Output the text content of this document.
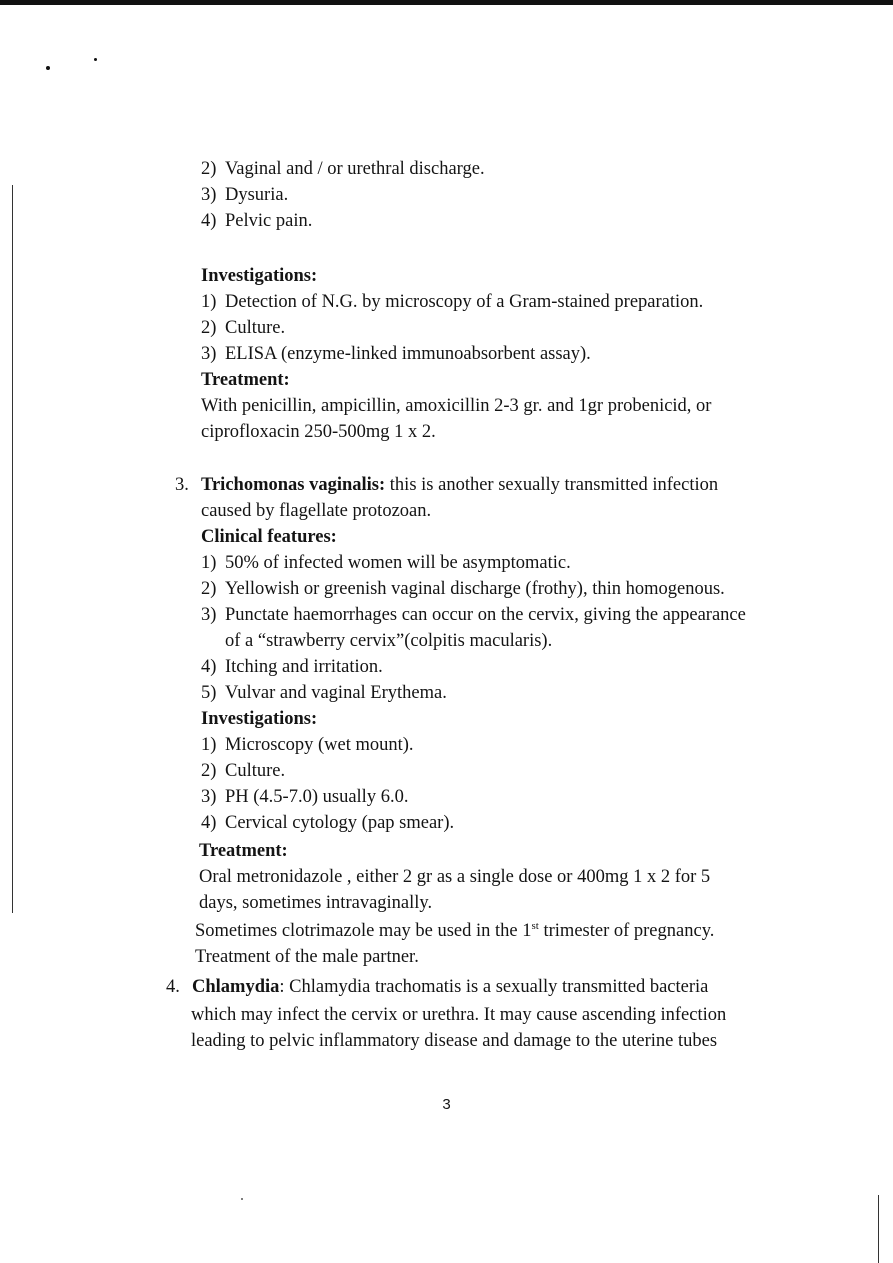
2) Vaginal and / or urethral discharge.
3) Dysuria.
4) Pelvic pain.
Investigations:
1) Detection of N.G. by microscopy of a Gram-stained preparation.
2) Culture.
3) ELISA (enzyme-linked immunoabsorbent assay).
Treatment:
With penicillin, ampicillin, amoxicillin 2-3 gr. and 1gr probenicid, or
ciprofloxacin 250-500mg 1 x 2.
3. Trichomonas vaginalis: this is another sexually transmitted infection
caused by flagellate protozoan.
Clinical features:
1) 50% of infected women will be asymptomatic.
2) Yellowish or greenish vaginal discharge (frothy), thin homogenous.
3) Punctate haemorrhages can occur on the cervix, giving the appearance
of a “strawberry cervix”(colpitis macularis).
4) Itching and irritation.
5) Vulvar and vaginal Erythema.
Investigations:
1) Microscopy (wet mount).
2) Culture.
3) PH (4.5-7.0) usually 6.0.
4) Cervical cytology (pap smear).
Treatment:
Oral metronidazole , either 2 gr as a single dose or 400mg 1 x 2 for 5
days, sometimes intravaginally.
Sometimes clotrimazole may be used in the 1st trimester of pregnancy.
Treatment of the male partner.
4. Chlamydia: Chlamydia trachomatis is a sexually transmitted bacteria
which may infect the cervix or urethra. It may cause ascending infection
leading to pelvic inflammatory disease and damage to the uterine tubes
3
